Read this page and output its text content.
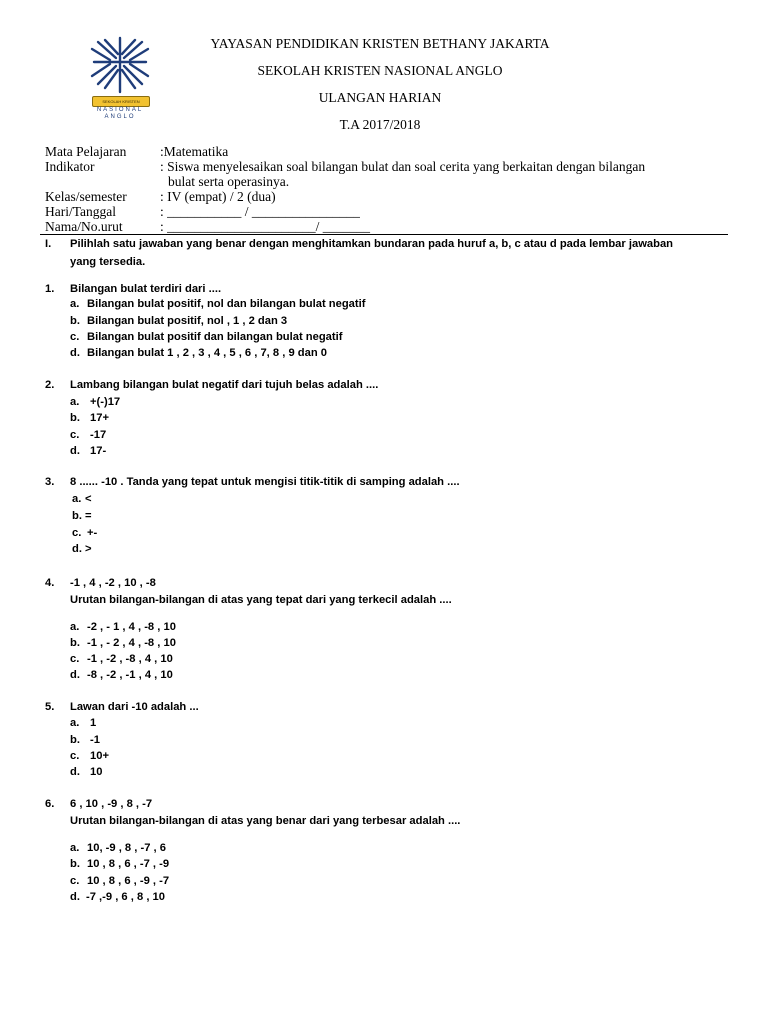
SEKOLAH KRISTEN
NASIONAL
ANGLO
YAYASAN PENDIDIKAN KRISTEN BETHANY JAKARTA
SEKOLAH KRISTEN NASIONAL ANGLO
ULANGAN HARIAN
T.A 2017/2018
Mata Pelajaran :Matematika
Indikator	: Siswa menyelesaikan soal bilangan bulat dan soal cerita yang berkaitan dengan bilangan
bulat serta operasinya.
Kelas/semester : IV (empat) / 2 (dua)
Hari/Tanggal	: ___________ / ________________
Nama/No.urut	: ______________________/ _______
I. Pilihlah satu jawaban yang benar dengan menghitamkan bundaran pada huruf a, b, c atau d pada lembar jawaban
yang tersedia.
1. Bilangan bulat terdiri dari ....
a. Bilangan bulat positif, nol dan bilangan bulat negatif
b. Bilangan bulat positif, nol , 1 , 2 dan 3
c. Bilangan bulat positif dan bilangan bulat negatif
d. Bilangan bulat 1 , 2 , 3 , 4 , 5 , 6 , 7, 8 , 9 dan 0
2. Lambang bilangan bulat negatif dari tujuh belas adalah ....
a. +(-)17
b. 17+
c. -17
d. 17-
3. 8 ...... -10 . Tanda yang tepat untuk mengisi titik-titik di samping adalah ....
a. <
b. =
c. +-
d. >
4. -1 , 4 , -2 , 10 , -8
Urutan bilangan-bilangan di atas yang tepat dari yang terkecil adalah ....
a. -2 , - 1 , 4 , -8 , 10
b. -1 , - 2 , 4 , -8 , 10
c. -1 , -2 , -8 , 4 , 10
d. -8 , -2 , -1 , 4 , 10
5. Lawan dari -10 adalah ...
a. 1
b. -1
c. 10+
d. 10
6. 6 , 10 , -9 , 8 , -7
Urutan bilangan-bilangan di atas yang benar dari yang terbesar adalah ....
a. 10, -9 , 8 , -7 , 6
b. 10 , 8 , 6 , -7 , -9
c. 10 , 8 , 6 , -9 , -7
d. -7 ,-9 , 6 , 8 , 10
